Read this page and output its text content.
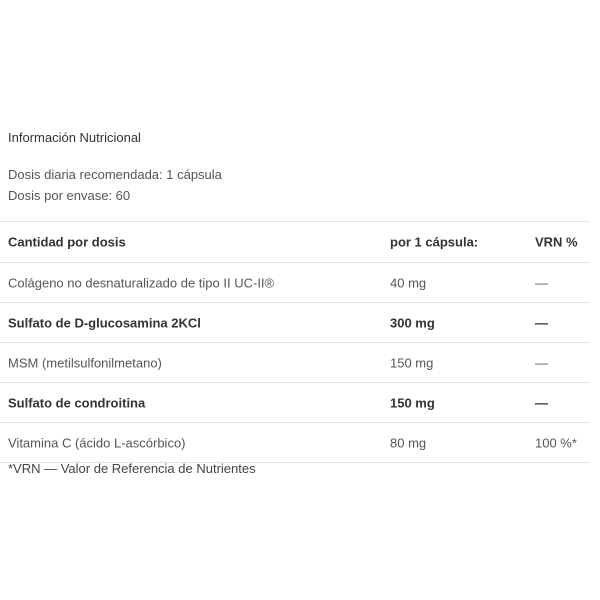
Información Nutricional
Dosis diaria recomendada: 1 cápsula
Dosis por envase: 60
Cantidad por dosis	por 1 cápsula:	VRN %
Colágeno no desnaturalizado de tipo II UC-II®	40 mg	—
Sulfato de D-glucosamina 2KCl	300 mg	—
MSM (metilsulfonilmetano)	150 mg	—
Sulfato de condroitina	150 mg	—
Vitamina C (ácido L-ascórbico)	80 mg	100 %*
*VRN — Valor de Referencia de Nutrientes
